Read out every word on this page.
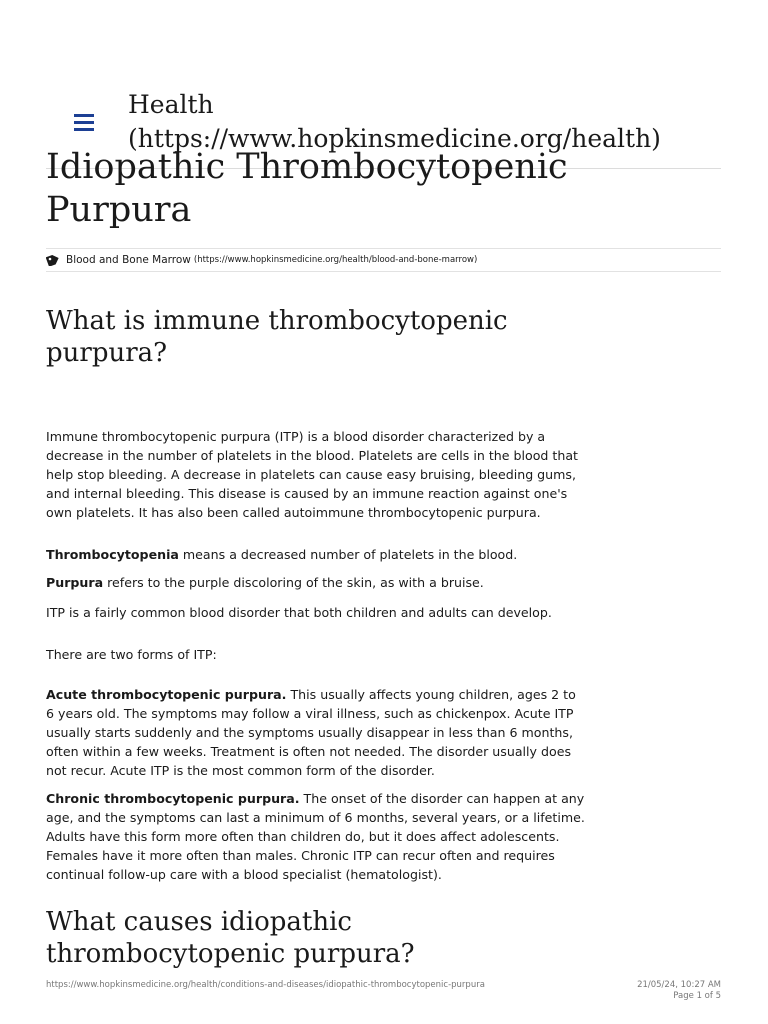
Health
(https://www.hopkinsmedicine.org/health)
Idiopathic Thrombocytopenic Purpura
Blood and Bone Marrow (https://www.hopkinsmedicine.org/health/blood-and-bone-marrow)
What is immune thrombocytopenic purpura?

Immune thrombocytopenic purpura (ITP) is a blood disorder characterized by a decrease in the number of platelets in the blood. Platelets are cells in the blood that help stop bleeding. A decrease in platelets can cause easy bruising, bleeding gums, and internal bleeding. This disease is caused by an immune reaction against one's own platelets. It has also been called autoimmune thrombocytopenic purpura.

Thrombocytopenia means a decreased number of platelets in the blood.

Purpura refers to the purple discoloring of the skin, as with a bruise.

ITP is a fairly common blood disorder that both children and adults can develop.

There are two forms of ITP:

Acute thrombocytopenic purpura. This usually affects young children, ages 2 to 6 years old. The symptoms may follow a viral illness, such as chickenpox. Acute ITP usually starts suddenly and the symptoms usually disappear in less than 6 months, often within a few weeks. Treatment is often not needed. The disorder usually does not recur. Acute ITP is the most common form of the disorder.

Chronic thrombocytopenic purpura. The onset of the disorder can happen at any age, and the symptoms can last a minimum of 6 months, several years, or a lifetime. Adults have this form more often than children do, but it does affect adolescents. Females have it more often than males. Chronic ITP can recur often and requires continual follow-up care with a blood specialist (hematologist).

What causes idiopathic thrombocytopenic purpura?
https://www.hopkinsmedicine.org/health/conditions-and-diseases/idiopathic-thrombocytopenic-purpura	21/05/24, 10:27 AM
Page 1 of 5
